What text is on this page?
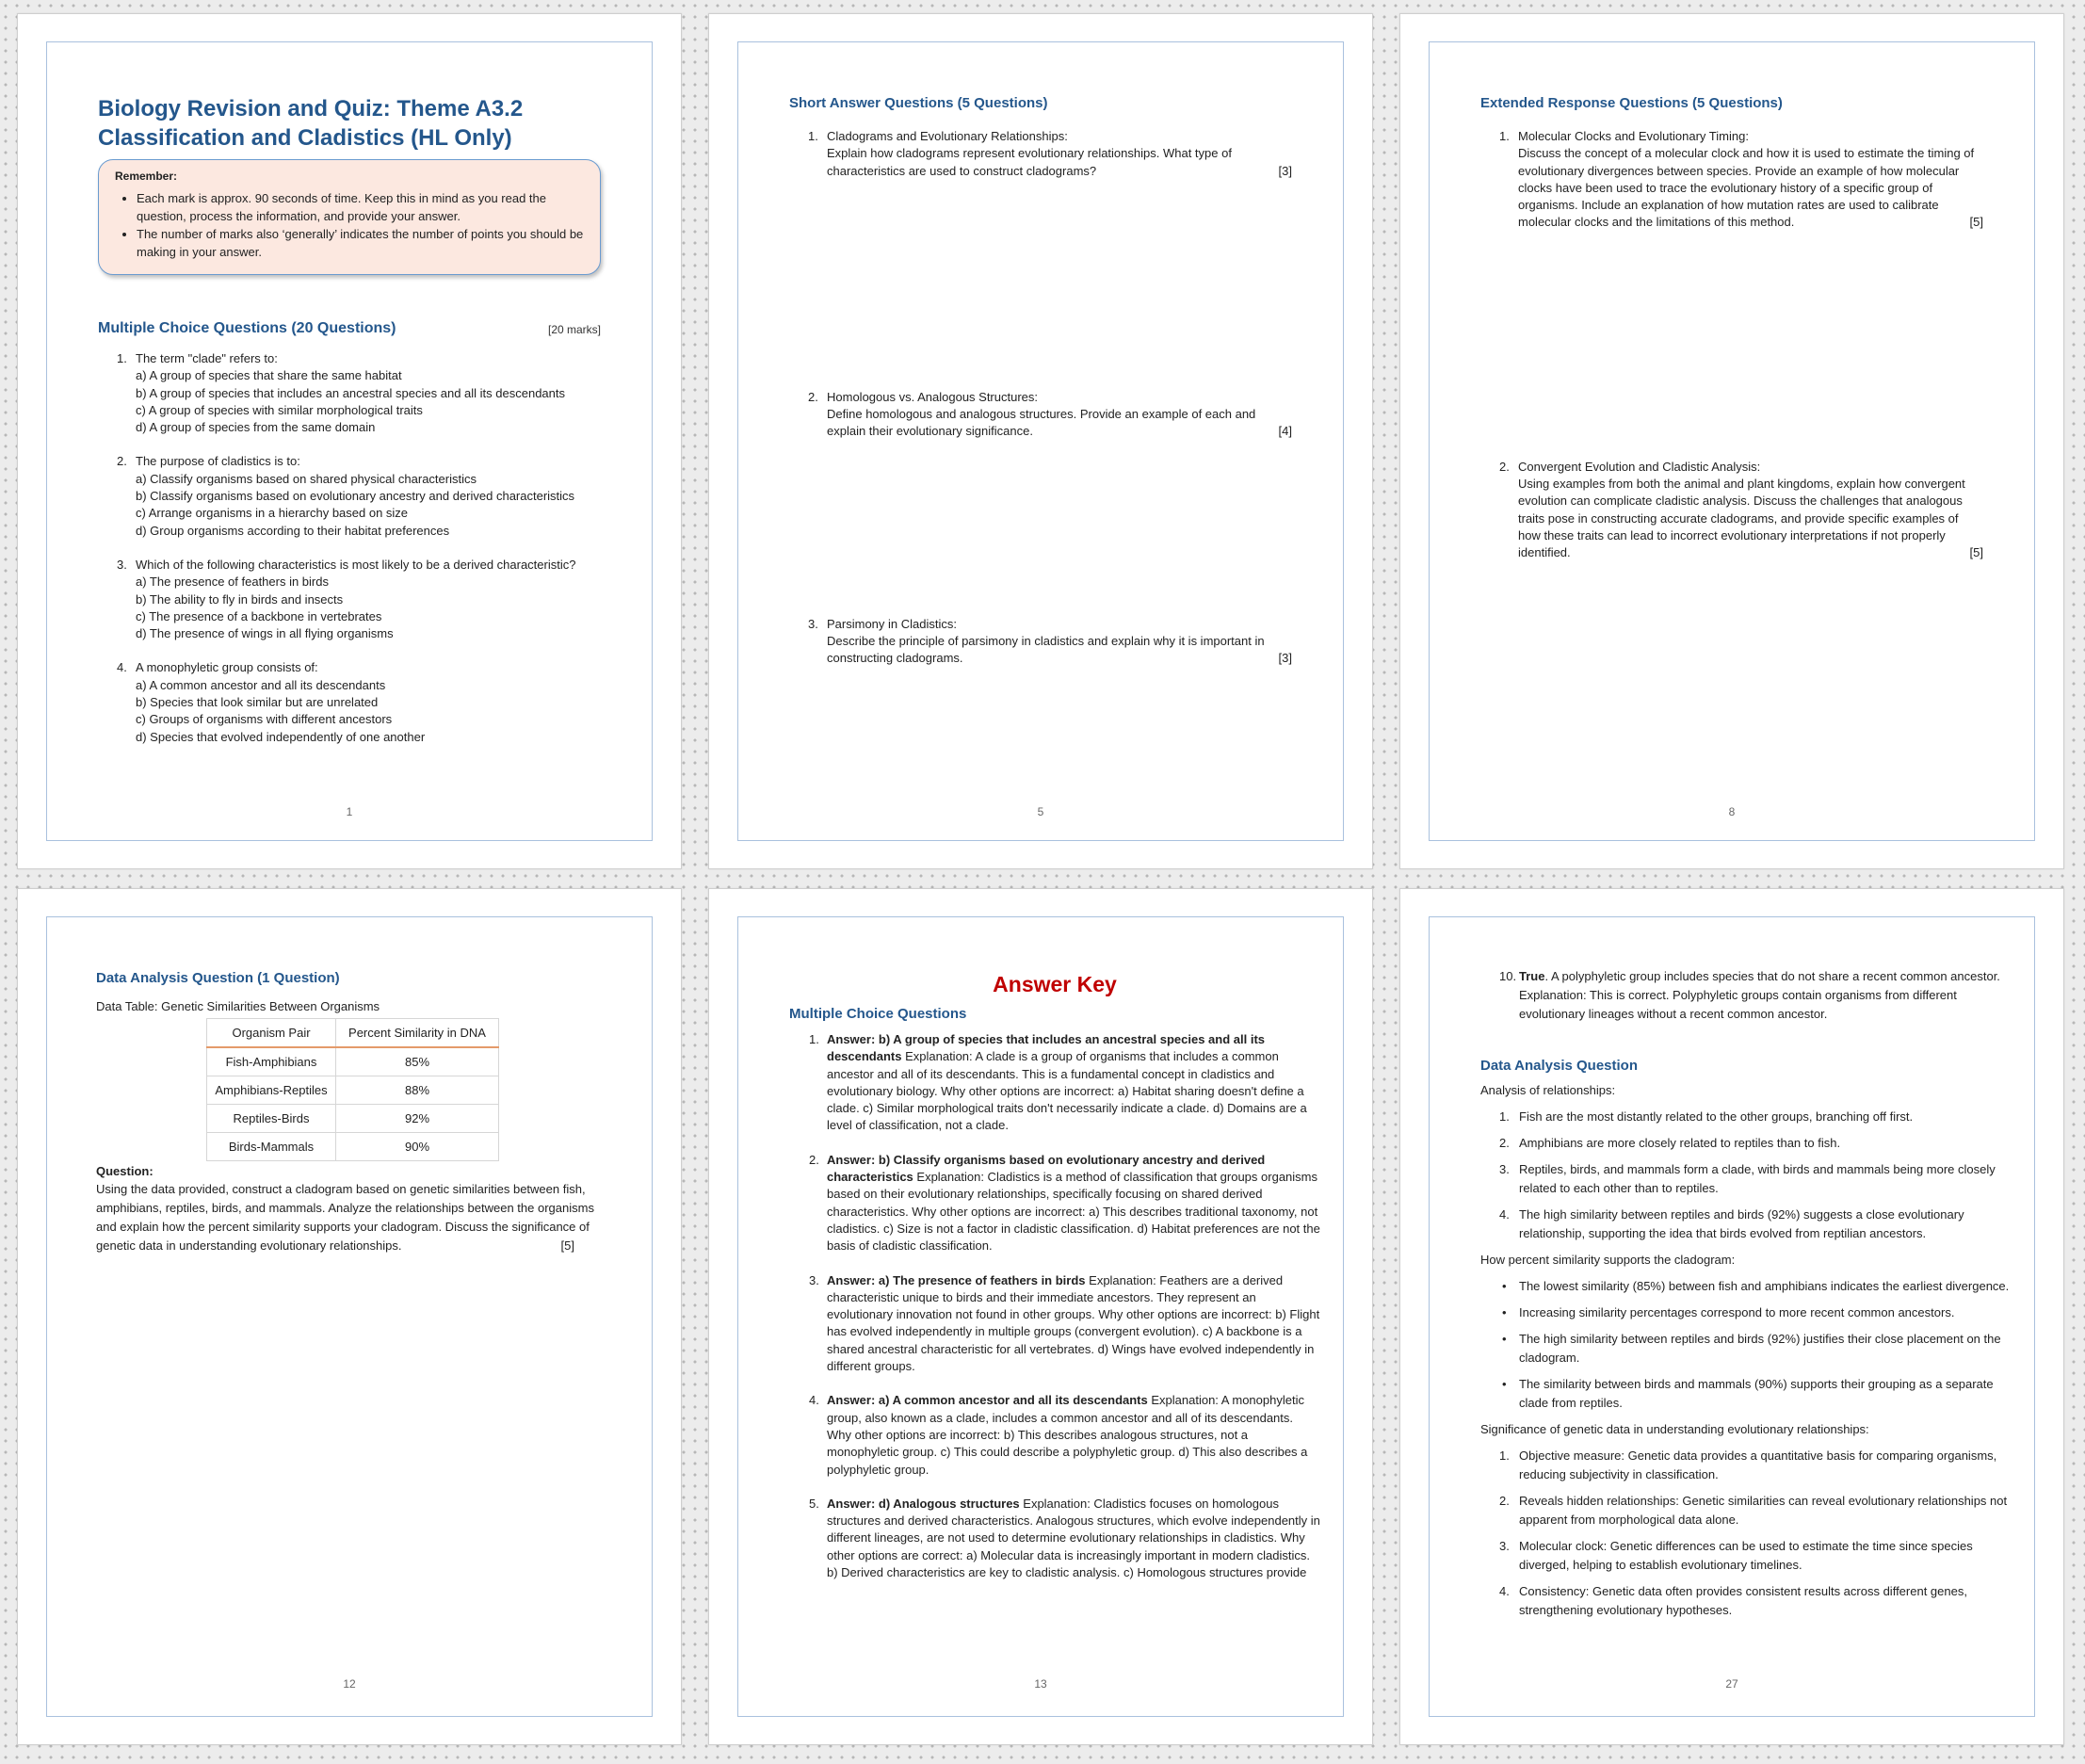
Biology Revision and Quiz: Theme A3.2
Classification and Cladistics (HL Only)
Remember:
• Each mark is approx. 90 seconds of time. Keep this in mind as you read the question, process the information, and provide your answer.
• The number of marks also ‘generally’ indicates the number of points you should be making in your answer.
Multiple Choice Questions (20 Questions)	[20 marks]
1. The term "clade" refers to:
a) A group of species that share the same habitat
b) A group of species that includes an ancestral species and all its descendants
c) A group of species with similar morphological traits
d) A group of species from the same domain
2. The purpose of cladistics is to:
a) Classify organisms based on shared physical characteristics
b) Classify organisms based on evolutionary ancestry and derived characteristics
c) Arrange organisms in a hierarchy based on size
d) Group organisms according to their habitat preferences
3. Which of the following characteristics is most likely to be a derived characteristic?
a) The presence of feathers in birds
b) The ability to fly in birds and insects
c) The presence of a backbone in vertebrates
d) The presence of wings in all flying organisms
4. A monophyletic group consists of:
a) A common ancestor and all its descendants
b) Species that look similar but are unrelated
c) Groups of organisms with different ancestors
d) Species that evolved independently of one another
1
Short Answer Questions (5 Questions)
1. Cladograms and Evolutionary Relationships:
Explain how cladograms represent evolutionary relationships. What type of characteristics are used to construct cladograms?	[3]
2. Homologous vs. Analogous Structures:
Define homologous and analogous structures. Provide an example of each and explain their evolutionary significance.	[4]
3. Parsimony in Cladistics:
Describe the principle of parsimony in cladistics and explain why it is important in constructing cladograms.	[3]
5
Extended Response Questions (5 Questions)
1. Molecular Clocks and Evolutionary Timing:
Discuss the concept of a molecular clock and how it is used to estimate the timing of evolutionary divergences between species. Provide an example of how molecular clocks have been used to trace the evolutionary history of a specific group of organisms. Include an explanation of how mutation rates are used to calibrate molecular clocks and the limitations of this method.	[5]
2. Convergent Evolution and Cladistic Analysis:
Using examples from both the animal and plant kingdoms, explain how convergent evolution can complicate cladistic analysis. Discuss the challenges that analogous traits pose in constructing accurate cladograms, and provide specific examples of how these traits can lead to incorrect evolutionary interpretations if not properly identified.	[5]
8
Data Analysis Question (1 Question)
Data Table: Genetic Similarities Between Organisms
Organism Pair	Percent Similarity in DNA
Fish-Amphibians	85%
Amphibians-Reptiles	88%
Reptiles-Birds	92%
Birds-Mammals	90%
Question:
Using the data provided, construct a cladogram based on genetic similarities between fish, amphibians, reptiles, birds, and mammals. Analyze the relationships between the organisms and explain how the percent similarity supports your cladogram. Discuss the significance of genetic data in understanding evolutionary relationships.	[5]
12
Answer Key
Multiple Choice Questions
1. Answer: b) A group of species that includes an ancestral species and all its descendants Explanation: A clade is a group of organisms that includes a common ancestor and all of its descendants. This is a fundamental concept in cladistics and evolutionary biology. Why other options are incorrect: a) Habitat sharing doesn't define a clade. c) Similar morphological traits don't necessarily indicate a clade. d) Domains are a level of classification, not a clade.
2. Answer: b) Classify organisms based on evolutionary ancestry and derived characteristics Explanation: Cladistics is a method of classification that groups organisms based on their evolutionary relationships, specifically focusing on shared derived characteristics. Why other options are incorrect: a) This describes traditional taxonomy, not cladistics. c) Size is not a factor in cladistic classification. d) Habitat preferences are not the basis of cladistic classification.
3. Answer: a) The presence of feathers in birds Explanation: Feathers are a derived characteristic unique to birds and their immediate ancestors. They represent an evolutionary innovation not found in other groups. Why other options are incorrect: b) Flight has evolved independently in multiple groups (convergent evolution). c) A backbone is a shared ancestral characteristic for all vertebrates. d) Wings have evolved independently in different groups.
4. Answer: a) A common ancestor and all its descendants Explanation: A monophyletic group, also known as a clade, includes a common ancestor and all of its descendants. Why other options are incorrect: b) This describes analogous structures, not a monophyletic group. c) This could describe a polyphyletic group. d) This also describes a polyphyletic group.
5. Answer: d) Analogous structures Explanation: Cladistics focuses on homologous structures and derived characteristics. Analogous structures, which evolve independently in different lineages, are not used to determine evolutionary relationships in cladistics. Why other options are correct: a) Molecular data is increasingly important in modern cladistics. b) Derived characteristics are key to cladistic analysis. c) Homologous structures provide
13
10. True. A polyphyletic group includes species that do not share a recent common ancestor. Explanation: This is correct. Polyphyletic groups contain organisms from different evolutionary lineages without a recent common ancestor.
Data Analysis Question
Analysis of relationships:
1. Fish are the most distantly related to the other groups, branching off first.
2. Amphibians are more closely related to reptiles than to fish.
3. Reptiles, birds, and mammals form a clade, with birds and mammals being more closely related to each other than to reptiles.
4. The high similarity between reptiles and birds (92%) suggests a close evolutionary relationship, supporting the idea that birds evolved from reptilian ancestors.
How percent similarity supports the cladogram:
• The lowest similarity (85%) between fish and amphibians indicates the earliest divergence.
• Increasing similarity percentages correspond to more recent common ancestors.
• The high similarity between reptiles and birds (92%) justifies their close placement on the cladogram.
• The similarity between birds and mammals (90%) supports their grouping as a separate clade from reptiles.
Significance of genetic data in understanding evolutionary relationships:
1. Objective measure: Genetic data provides a quantitative basis for comparing organisms, reducing subjectivity in classification.
2. Reveals hidden relationships: Genetic similarities can reveal evolutionary relationships not apparent from morphological data alone.
3. Molecular clock: Genetic differences can be used to estimate the time since species diverged, helping to establish evolutionary timelines.
4. Consistency: Genetic data often provides consistent results across different genes, strengthening evolutionary hypotheses.
27
